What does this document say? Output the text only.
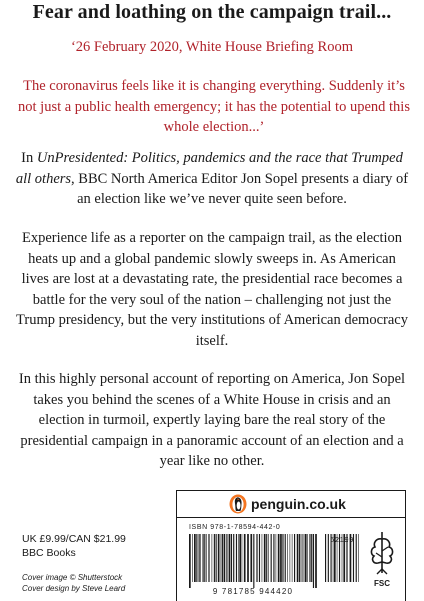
Fear and loathing on the campaign trail...
‘26 February 2020, White House Briefing Room
The coronavirus feels like it is changing everything. Suddenly it’s not just a public health emergency; it has the potential to upend this whole election...’
In UnPresidented: Politics, pandemics and the race that Trumped all others, BBC North America Editor Jon Sopel presents a diary of an election like we’ve never quite seen before.
Experience life as a reporter on the campaign trail, as the election heats up and a global pandemic slowly sweeps in. As American lives are lost at a devastating rate, the presidential race becomes a battle for the very soul of the nation – challenging not just the Trump presidency, but the very institutions of American democracy itself.
In this highly personal account of reporting on America, Jon Sopel takes you behind the scenes of a White House in crisis and an election in turmoil, expertly laying bare the real story of the presidential campaign in a panoramic account of an election and a year like no other.
UK £9.99/CAN $21.99
BBC Books
Cover image © Shutterstock
Cover design by Steve Leard
penguin.co.uk
ISBN 978-1-78594-442-0
62199
9 781785 944420
FSC
